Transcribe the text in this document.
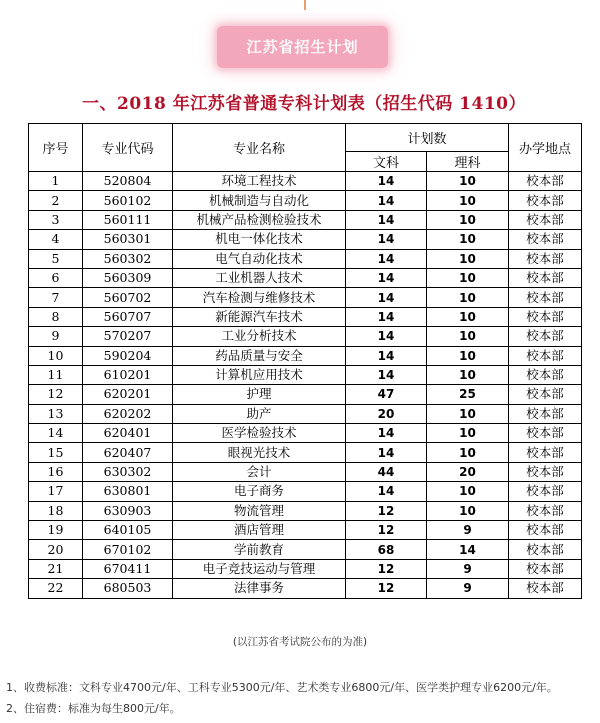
江苏省招生计划
一、2018 年江苏省普通专科计划表（招生代码 1410）
序号	专业代码	专业名称	计划数		办学地点
			文科	理科	
1	520804	环境工程技术	14	10	校本部
2	560102	机械制造与自动化	14	10	校本部
3	560111	机械产品检测检验技术	14	10	校本部
4	560301	机电一体化技术	14	10	校本部
5	560302	电气自动化技术	14	10	校本部
6	560309	工业机器人技术	14	10	校本部
7	560702	汽车检测与维修技术	14	10	校本部
8	560707	新能源汽车技术	14	10	校本部
9	570207	工业分析技术	14	10	校本部
10	590204	药品质量与安全	14	10	校本部
11	610201	计算机应用技术	14	10	校本部
12	620201	护理	47	25	校本部
13	620202	助产	20	10	校本部
14	620401	医学检验技术	14	10	校本部
15	620407	眼视光技术	14	10	校本部
16	630302	会计	44	20	校本部
17	630801	电子商务	14	10	校本部
18	630903	物流管理	12	10	校本部
19	640105	酒店管理	12	9	校本部
20	670102	学前教育	68	14	校本部
21	670411	电子竞技运动与管理	12	9	校本部
22	680503	法律事务	12	9	校本部
(以江苏省考试院公布的为准)
1、收费标准：文科专业4700元/年、工科专业5300元/年、艺术类专业6800元/年、医学类护理专业6200元/年。
2、住宿费：标准为每生800元/年。
